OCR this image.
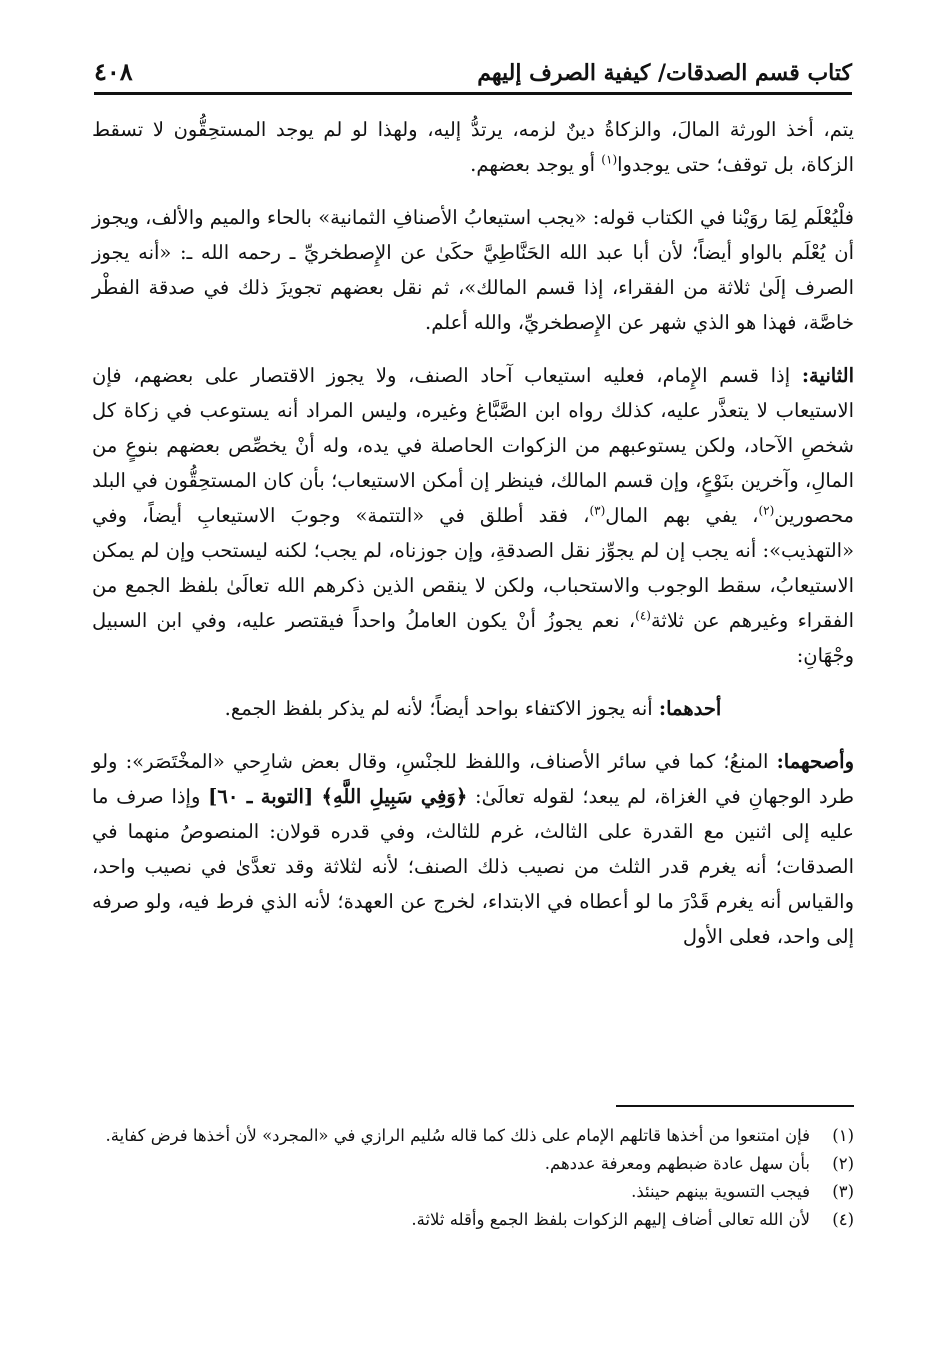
كتاب قسم الصدقات/ كيفية الصرف إليهم
٤٠٨

يتم، أخذ الورثة المالَ، والزكاةُ دينٌ لزمه، يرتدُّ إليه، ولهذا لو لم يوجد المستحِقُّون لا تسقط الزكاة، بل توقف؛ حتى يوجدوا$^{(١)}$ أو يوجد بعضهم.

فلْيُعْلَم لِمَا روَيْنا في الكتاب قوله: «يجب استيعابُ الأصنافِ الثمانية» بالحاء والميم والألف، ويجوز أن يُعْلَم بالواو أيضاً؛ لأن أبا عبد الله الحَنَّاطِيَّ حكَىٰ عن الإِصطخريِّ ـ رحمه الله ـ: «أنه يجوز الصرف إلَىٰ ثلاثة من الفقراء، إذا قسم المالك»، ثم نقل بعضهم تجويزَ ذلك في صدقة الفطْر خاصَّة، فهذا هو الذي شهر عن الإِصطخريِّ، والله أعلم.

الثانية: إذا قسم الإِمام، فعليه استيعاب آحاد الصنف، ولا يجوز الاقتصار على بعضهم، فإن الاستيعاب لا يتعذَّر عليه، كذلك رواه ابن الصَّبَّاغ وغيره، وليس المراد أنه يستوعب في زكاة كل شخصِ الآحاد، ولكن يستوعبهم من الزكوات الحاصلة في يده، وله أنْ يخصِّص بعضهم بنوعٍ من المالِ، وآخرين بنَوْعٍ، وإن قسم المالك، فينظر إن أمكن الاستيعاب؛ بأن كان المستحِقُّون في البلد محصورين$^{(٢)}$، يفي بهم المال$^{(٣)}$، فقد أطلق في «التتمة» وجوبَ الاستيعابِ أيضاً، وفي «التهذيب»: أنه يجب إن لم يجوِّز نقل الصدقةِ، وإن جوزناه، لم يجب؛ لكنه ليستحب وإن لم يمكن الاستيعابُ، سقط الوجوب والاستحباب، ولكن لا ينقص الذين ذكرهم الله تعالَىٰ بلفظ الجمع من الفقراء وغيرهم عن ثلاثة$^{(٤)}$، نعم يجوزُ أنْ يكون العاملُ واحداً فيقتصر عليه، وفي ابن السبيل وجْهَانِ:

أحدهما: أنه يجوز الاكتفاء بواحد أيضاً؛ لأنه لم يذكر بلفظ الجمع.

وأصحهما: المنعُ؛ كما في سائر الأصناف، واللفظ للجنْسِ، وقال بعض شارِحي «المخْتَصَر»: ولو طرد الوجهانِ في الغزاة، لم يبعد؛ لقوله تعالَىٰ: ﴿وَفِي سَبِيلِ اللَّهِ﴾ [التوبة ـ ٦٠] وإذا صرف ما عليه إلى اثنين مع القدرة على الثالث، غرم للثالث، وفي قدره قولان: المنصوصُ منهما في الصدقات؛ أنه يغرم قدر الثلث من نصيب ذلك الصنف؛ لأنه لثلاثة وقد تعدَّىٰ في نصيب واحد، والقياس أنه يغرم قَدْرَ ما لو أعطاه في الابتداء، لخرج عن العهدة؛ لأنه الذي فرط فيه، ولو صرفه إلى واحد، فعلى الأول

(١)
فإن امتنعوا من أخذها قاتلهم الإمام على ذلك كما قاله سُليم الرازي في «المجرد» لأن أخذها فرض كفاية.

(٢)
بأن سهل عادة ضبطهم ومعرفة عددهم.

(٣)
فيجب التسوية بينهم حينئذ.

(٤)
لأن الله تعالى أضاف إليهم الزكوات بلفظ الجمع وأقله ثلاثة.
